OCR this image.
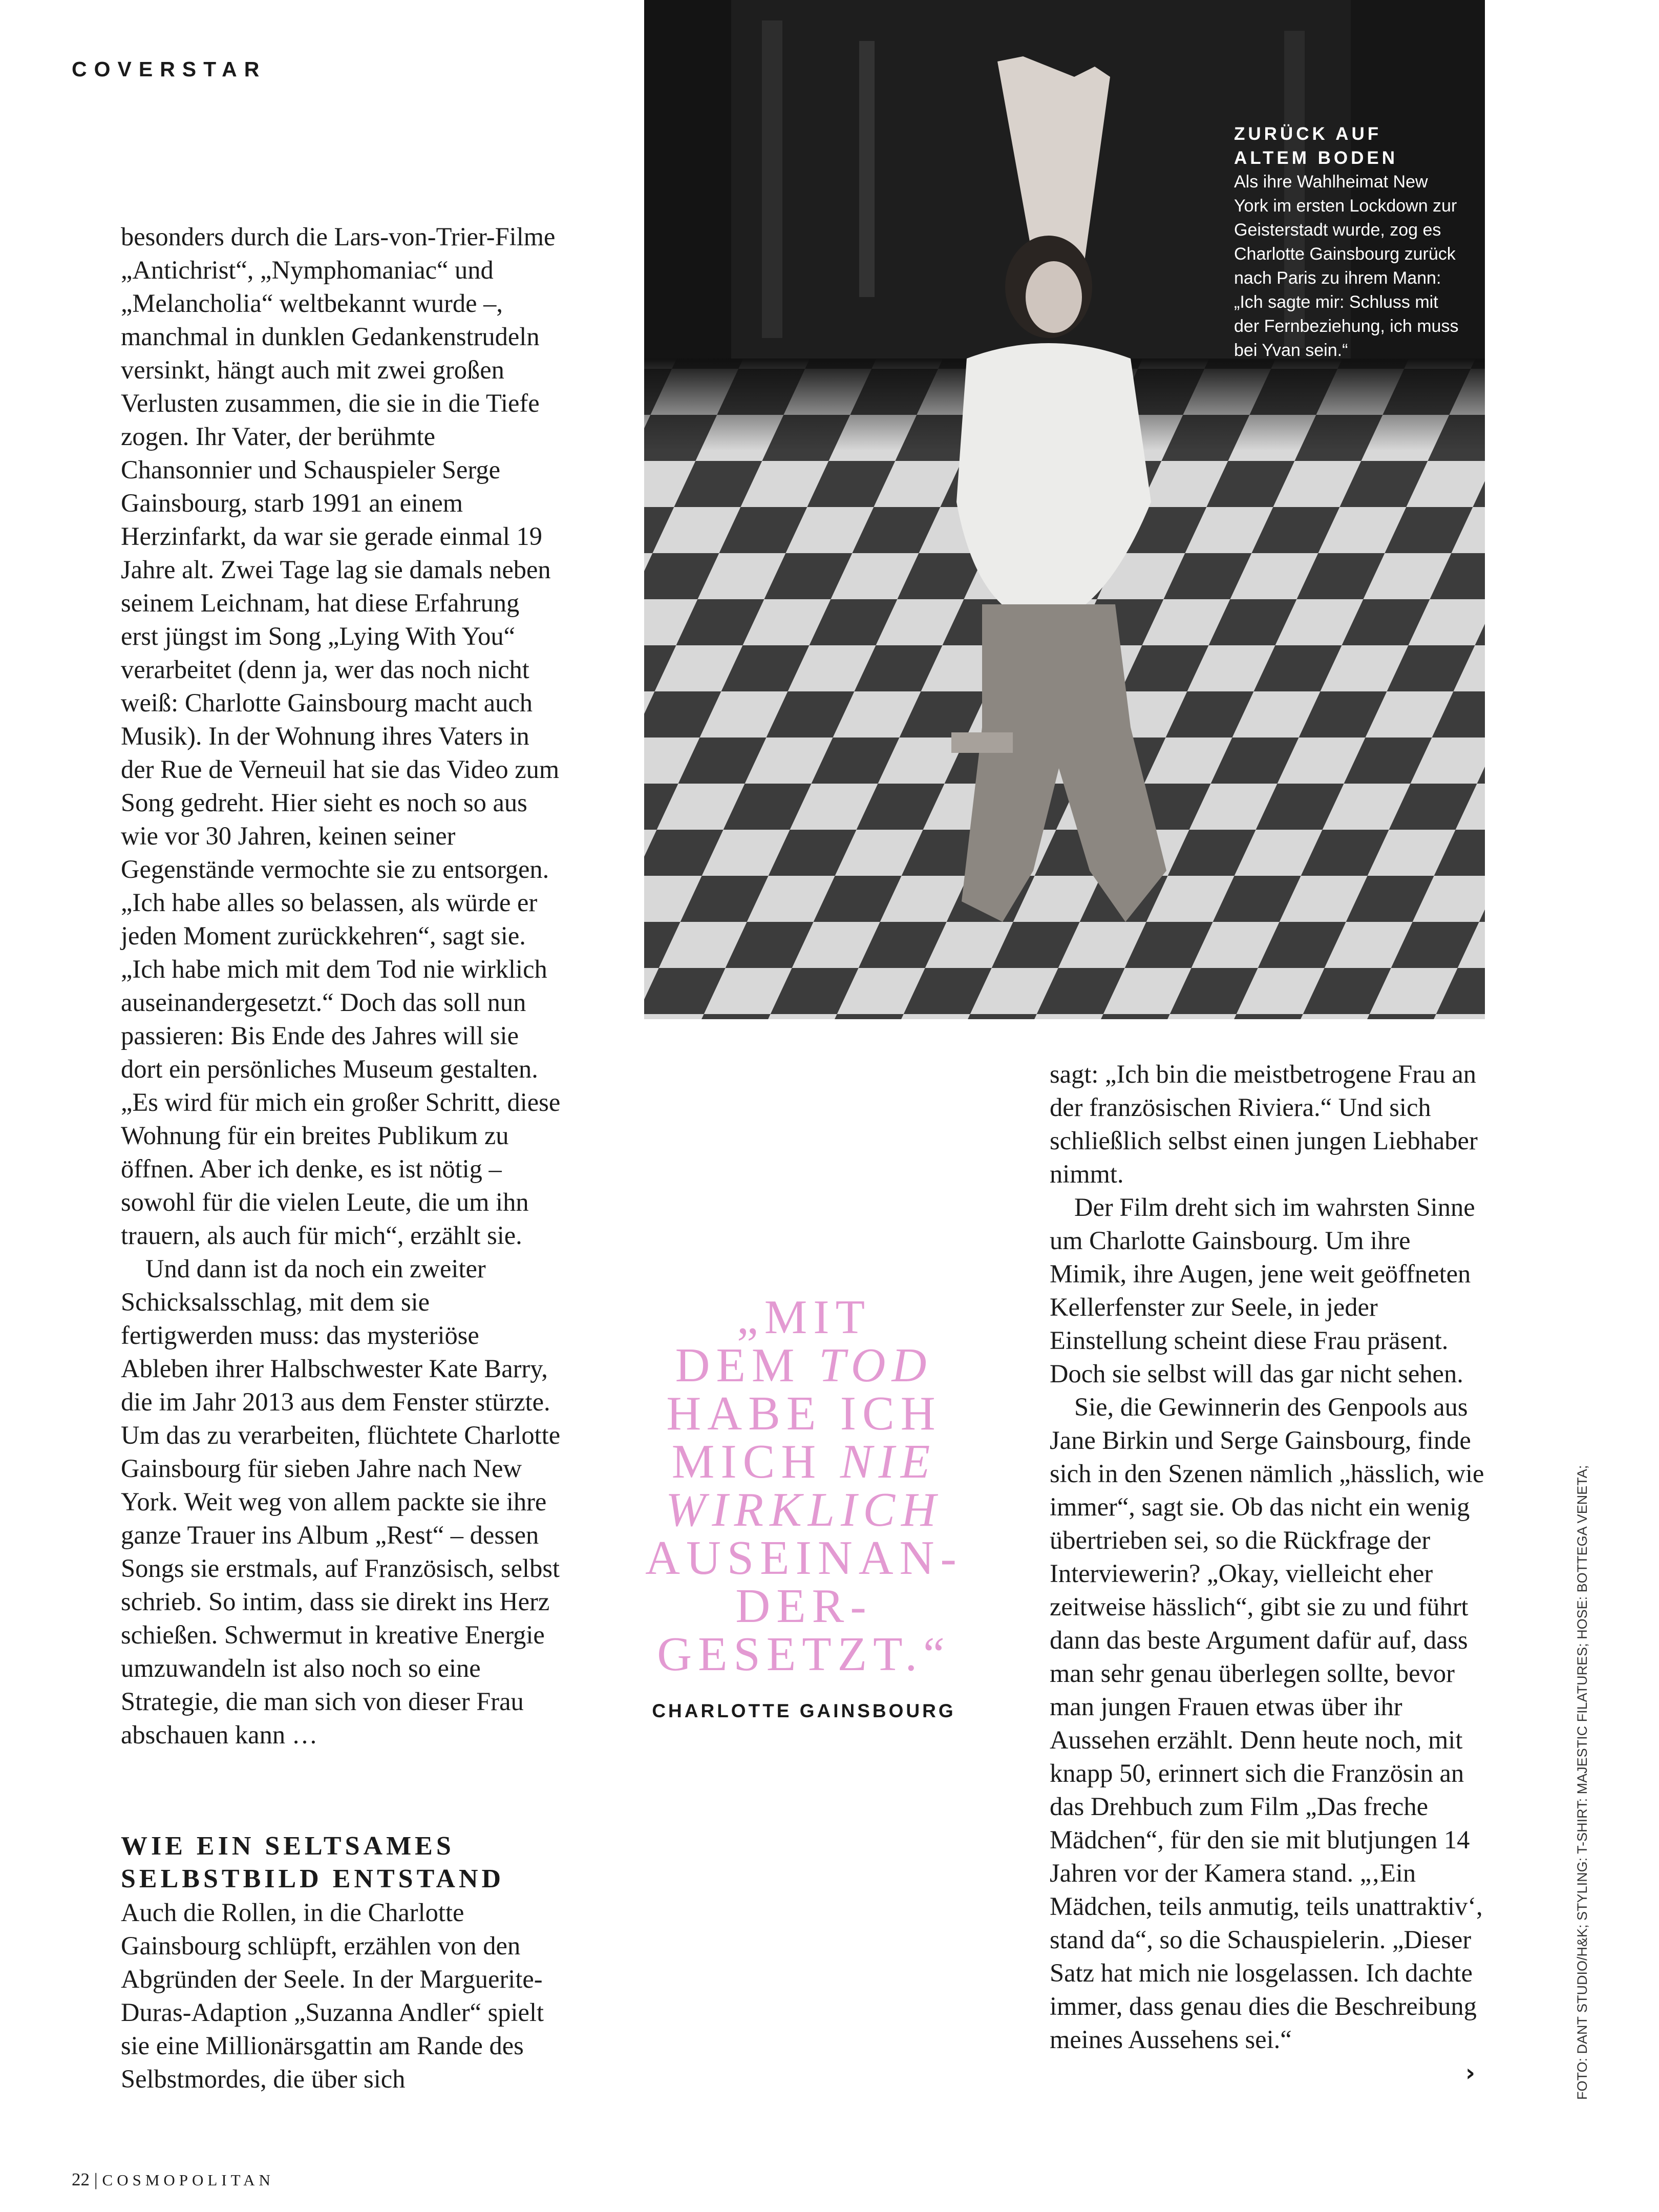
COVERSTAR
ZURÜCK AUF
ALTEM BODEN
Als ihre Wahlheimat New York im ersten Lockdown zur Geisterstadt wurde, zog es Charlotte Gainsbourg zurück nach Paris zu ihrem Mann: „Ich sagte mir: Schluss mit der Fernbeziehung, ich muss bei Yvan sein.“

besonders durch die Lars-von-Trier-Filme „Antichrist“, „Nymphomaniac“ und „Melancholia“ weltbekannt wurde –, manchmal in dunklen Gedankenstrudeln versinkt, hängt auch mit zwei großen Verlusten zusammen, die sie in die Tiefe zogen. Ihr Vater, der berühmte Chansonnier und Schauspieler Serge Gainsbourg, starb 1991 an einem Herzinfarkt, da war sie gerade einmal 19 Jahre alt. Zwei Tage lag sie damals neben seinem Leichnam, hat diese Erfahrung erst jüngst im Song „Lying With You“ verarbeitet (denn ja, wer das noch nicht weiß: Charlotte Gainsbourg macht auch Musik). In der Wohnung ihres Vaters in der Rue de Verneuil hat sie das Video zum Song gedreht. Hier sieht es noch so aus wie vor 30 Jahren, keinen seiner Gegenstände vermochte sie zu entsorgen. „Ich habe alles so belassen, als würde er jeden Moment zurückkehren“, sagt sie. „Ich habe mich mit dem Tod nie wirklich auseinandergesetzt.“ Doch das soll nun passieren: Bis Ende des Jahres will sie dort ein persönliches Museum gestalten. „Es wird für mich ein großer Schritt, diese Wohnung für ein breites Publikum zu öffnen. Aber ich denke, es ist nötig – sowohl für die vielen Leute, die um ihn trauern, als auch für mich“, erzählt sie.

Und dann ist da noch ein zweiter Schicksalsschlag, mit dem sie fertigwerden muss: das mysteriöse Ableben ihrer Halbschwester Kate Barry, die im Jahr 2013 aus dem Fenster stürzte. Um das zu verarbeiten, flüchtete Charlotte Gainsbourg für sieben Jahre nach New York. Weit weg von allem packte sie ihre ganze Trauer ins Album „Rest“ – dessen Songs sie erstmals, auf Französisch, selbst schrieb. So intim, dass sie direkt ins Herz schießen. Schwermut in kreative Energie umzuwandeln ist also noch so eine Strategie, die man sich von dieser Frau abschauen kann …

WIE EIN SELTSAMES
SELBSTBILD ENTSTAND

Auch die Rollen, in die Charlotte Gainsbourg schlüpft, erzählen von den Abgründen der Seele. In der Marguerite-Duras-Adaption „Suzanna Andler“ spielt sie eine Millionärsgattin am Rande des Selbstmordes, die über sich

„MIT
DEM TOD
HABE ICH
MICH NIE
WIRKLICH
AUSEINAN-
DER-
GESETZT.“
CHARLOTTE GAINSBOURG

sagt: „Ich bin die meistbetrogene Frau an der französischen Riviera.“ Und sich schließlich selbst einen jungen Liebhaber nimmt.

Der Film dreht sich im wahrsten Sinne um Charlotte Gainsbourg. Um ihre Mimik, ihre Augen, jene weit geöffneten Kellerfenster zur Seele, in jeder Einstellung scheint diese Frau präsent. Doch sie selbst will das gar nicht sehen.

Sie, die Gewinnerin des Genpools aus Jane Birkin und Serge Gainsbourg, finde sich in den Szenen nämlich „hässlich, wie immer“, sagt sie. Ob das nicht ein wenig übertrieben sei, so die Rückfrage der Interviewerin? „Okay, vielleicht eher zeitweise hässlich“, gibt sie zu und führt dann das beste Argument dafür auf, dass man sehr genau überlegen sollte, bevor man jungen Frauen etwas über ihr Aussehen erzählt. Denn heute noch, mit knapp 50, erinnert sich die Französin an das Drehbuch zum Film „Das freche Mädchen“, für den sie mit blutjungen 14 Jahren vor der Kamera stand. „‚Ein Mädchen, teils anmutig, teils unattraktiv‘, stand da“, so die Schauspielerin. „Dieser Satz hat mich nie losgelassen. Ich dachte immer, dass genau dies die Beschreibung meines Aussehens sei.“

›	FOTO: DANT STUDIO/H&K; STYLING: T-SHIRT: MAJESTIC FILATURES; HOSE: BOTTEGA VENETA;
22 | COSMOPOLITAN
